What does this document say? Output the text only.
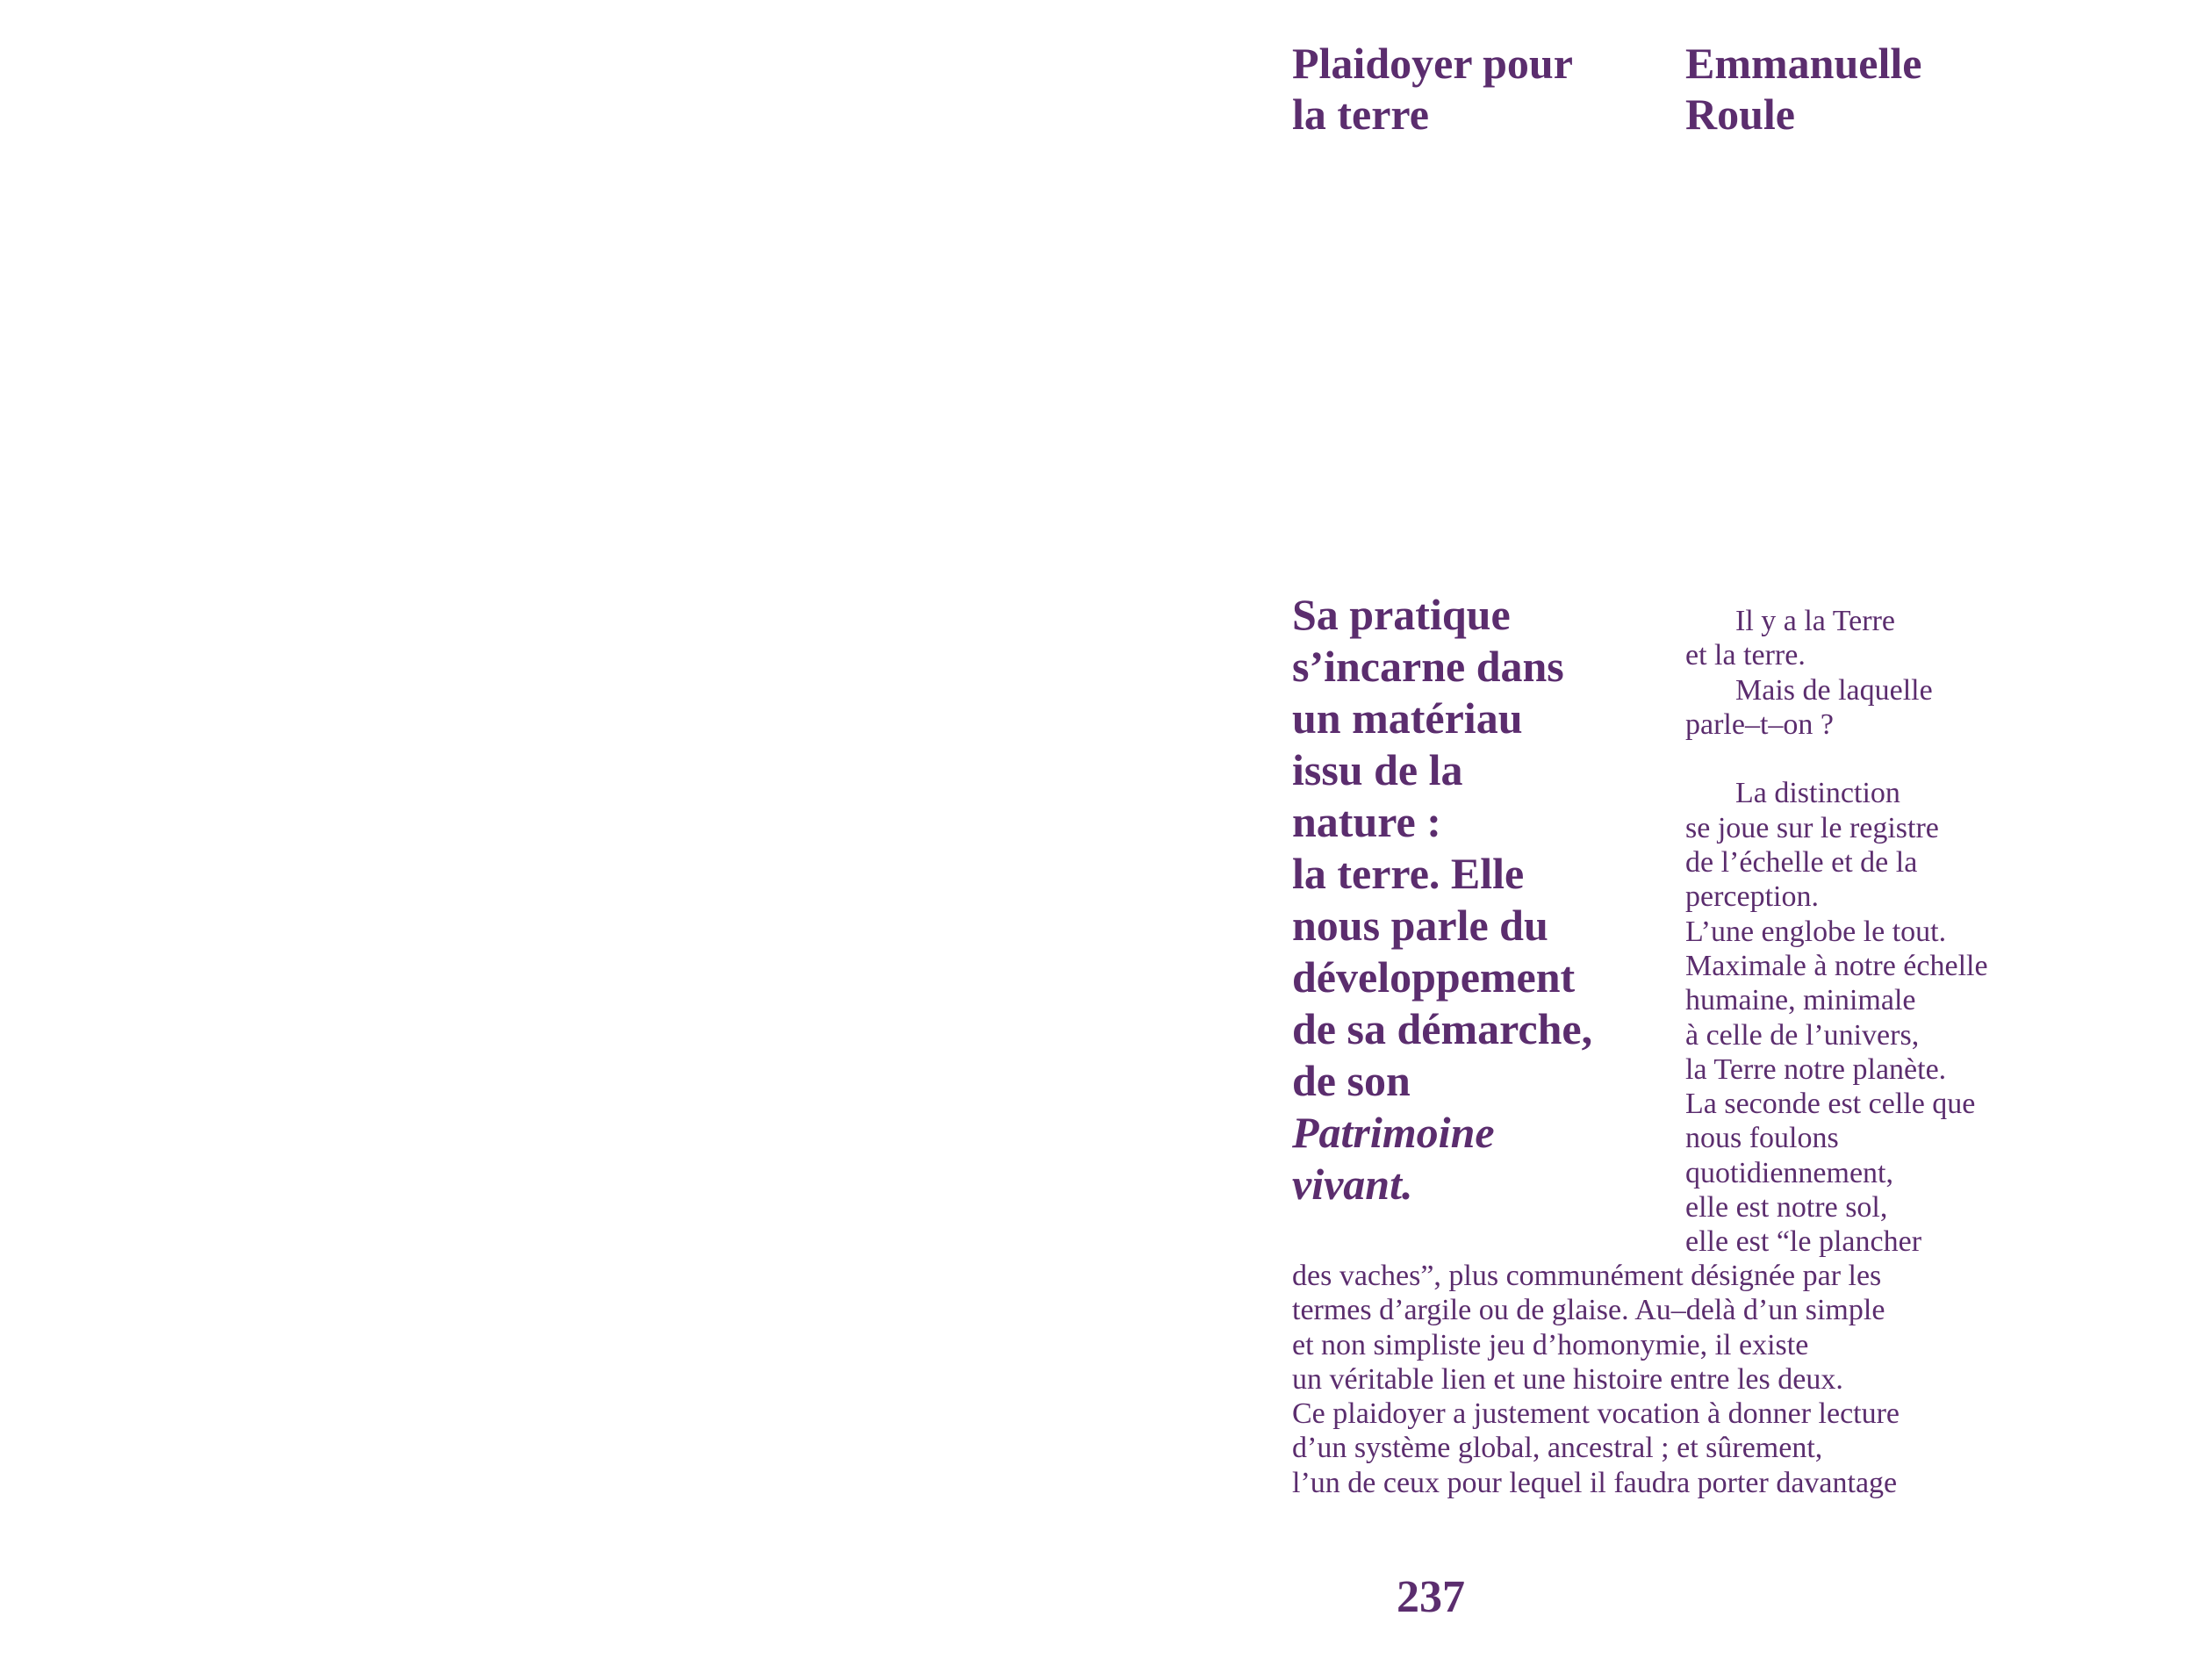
Plaidoyer pour
la terre
Emmanuelle
Roule

Sa pratique
s’incarne dans
un matériau
issu de la
nature :
la terre. Elle
nous parle du
développement
de sa démarche,
de son
Patrimoine
vivant.

Il y a la Terre
et la terre.
Mais de laquelle
parle–t–on ?
La distinction
se joue sur le registre
de l’échelle et de la
perception.
L’une englobe le tout.
Maximale à notre échelle
humaine, minimale
à celle de l’univers,
la Terre notre planète.
La seconde est celle que
nous foulons
quotidiennement,
elle est notre sol,
elle est “le plancher
des vaches”, plus communément désignée par les
termes d’argile ou de glaise. Au–delà d’un simple
et non simpliste jeu d’homonymie, il existe
un véritable lien et une histoire entre les deux.
Ce plaidoyer a justement vocation à donner lecture
d’un système global, ancestral ; et sûrement,
l’un de ceux pour lequel il faudra porter davantage
237
